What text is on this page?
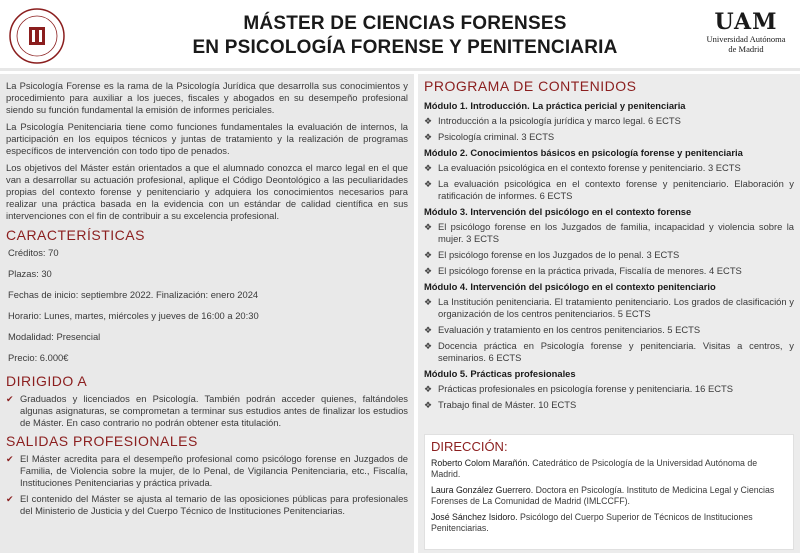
MÁSTER DE CIENCIAS FORENSES
EN PSICOLOGÍA FORENSE Y PENITENCIARIA
UAM
Universidad Autónoma
de Madrid
La Psicología Forense es la rama de la Psicología Jurídica que desarrolla sus conocimientos y procedimiento para auxiliar a los jueces, fiscales y abogados en su desempeño profesional siendo su función fundamental la emisión de informes periciales.
La Psicología Penitenciaria tiene como funciones fundamentales la evaluación de internos, la participación en los equipos técnicos y juntas de tratamiento y la realización de programas específicos de intervención con todo tipo de penados.
Los objetivos del Máster están orientados a que el alumnado conozca el marco legal en el que van a desarrollar su actuación profesional, aplique el Código Deontológico a las peculiaridades propias del contexto forense y penitenciario y adquiera los conocimientos necesarios para realizar una práctica basada en la evidencia con un estándar de calidad científica en sus intervenciones con el fin de contribuir a su excelencia profesional.
CARACTERÍSTICAS
Créditos: 70
Plazas: 30
Fechas de inicio: septiembre 2022. Finalización: enero 2024
Horario: Lunes, martes, miércoles y jueves de 16:00 a 20:30
Modalidad: Presencial
Precio: 6.000€
DIRIGIDO A
✔ Graduados y licenciados en Psicología. También podrán acceder quienes, faltándoles algunas asignaturas, se comprometan a terminar sus estudios antes de finalizar los estudios de Máster. En caso contrario no podrán obtener esta titulación.
SALIDAS PROFESIONALES
✔ El Máster acredita para el desempeño profesional como psicólogo forense en Juzgados de Familia, de Violencia sobre la mujer, de lo Penal, de Vigilancia Penitenciaria, etc., Fiscalía, Instituciones Penitenciarias y práctica privada.
✔ El contenido del Máster se ajusta al temario de las oposiciones públicas para profesionales del Ministerio de Justicia y del Cuerpo Técnico de Instituciones Penitenciarias.
PROGRAMA DE CONTENIDOS
Módulo 1. Introducción. La práctica pericial y penitenciaria
❖ Introducción a la psicología jurídica y marco legal. 6 ECTS
❖ Psicología criminal. 3 ECTS
Módulo 2. Conocimientos básicos en psicología forense y penitenciaria
❖ La evaluación psicológica en el contexto forense y penitenciario. 3 ECTS
❖ La evaluación psicológica en el contexto forense y penitenciario. Elaboración y ratificación de informes. 6 ECTS
Módulo 3. Intervención del psicólogo en el contexto forense
❖ El psicólogo forense en los Juzgados de familia, incapacidad y violencia sobre la mujer. 3 ECTS
❖ El psicólogo forense en los Juzgados de lo penal. 3 ECTS
❖ El psicólogo forense en la práctica privada, Fiscalía de menores. 4 ECTS
Módulo 4. Intervención del psicólogo en el contexto penitenciario
❖ La Institución penitenciaria. El tratamiento penitenciario. Los grados de clasificación y organización de los centros penitenciarios. 5 ECTS
❖ Evaluación y tratamiento en los centros penitenciarios. 5 ECTS
❖ Docencia práctica en Psicología forense y penitenciaria. Visitas a centros, y seminarios. 6 ECTS
Módulo 5. Prácticas profesionales
❖ Prácticas profesionales en psicología forense y penitenciaria. 16 ECTS
❖ Trabajo final de Máster. 10 ECTS
DIRECCIÓN:
Roberto Colom Marañón. Catedrático de Psicología de la Universidad Autónoma de Madrid.
Laura González Guerrero. Doctora en Psicología. Instituto de Medicina Legal y Ciencias Forenses de La Comunidad de Madrid (IMLCCFF).
José Sánchez Isidoro. Psicólogo del Cuerpo Superior de Técnicos de Instituciones Penitenciarias.
